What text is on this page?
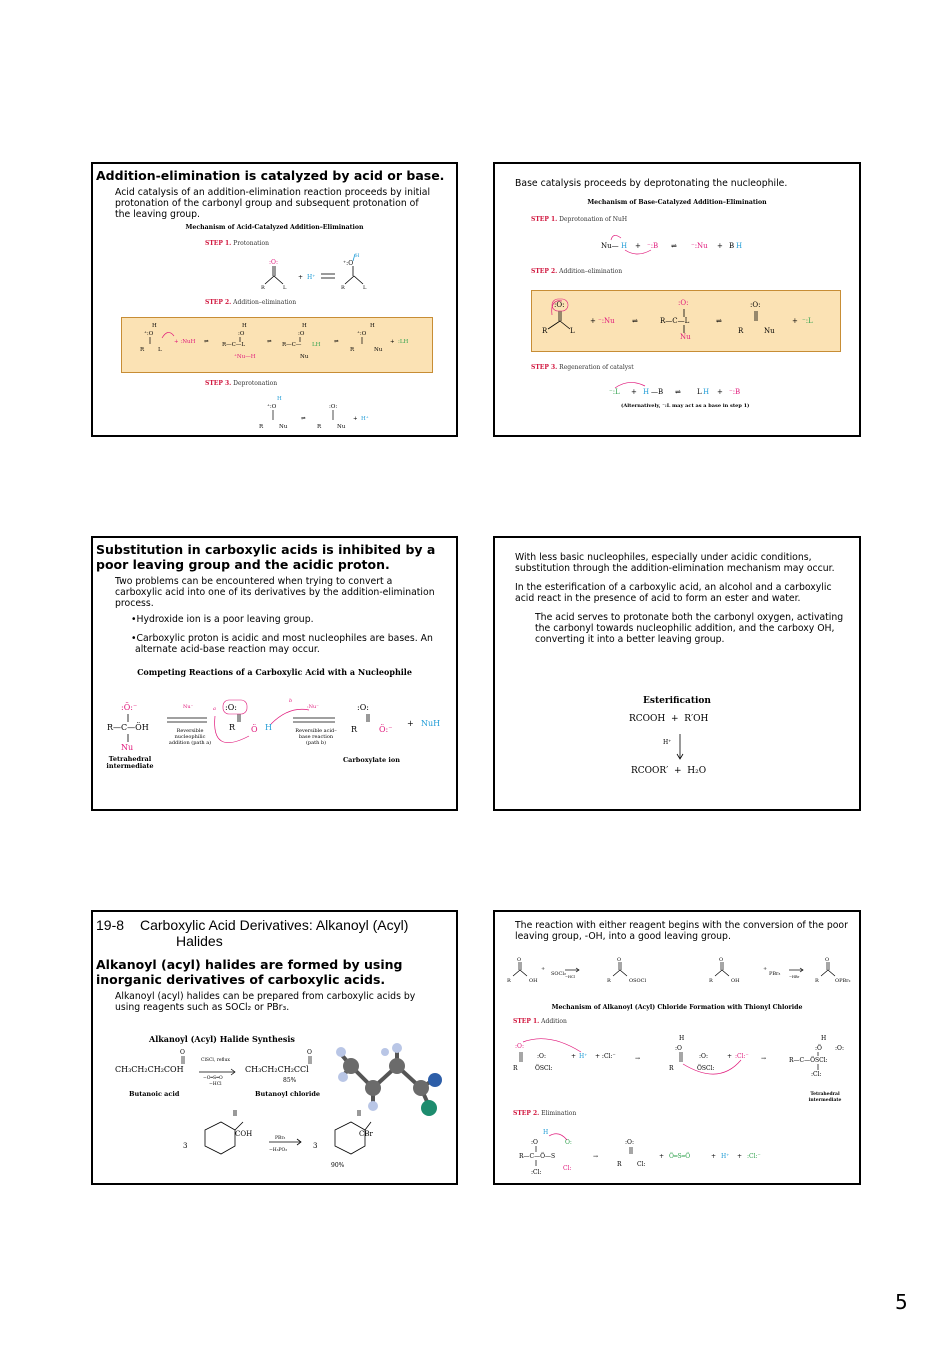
Addition-elimination is catalyzed by acid or base.
Acid catalysis of an addition-elimination reaction proceeds by initial protonation of the carbonyl group and subsequent protonation of the leaving group.
Mechanism of Acid-Catalyzed Addition–Elimination
STEP 1. Protonation
:O:
R	L
+ H⁺
⁺:O
H
R	L
STEP 2. Addition–elimination
H
⁺:O
R	L
+ :NuH ⇌
H
:O
R—C—L
⁺Nu—H
⇌
H
:O
R—C— LH
Nu
⇌
⁺:O
H
R	Nu
+ :LH
STEP 3. Deprotonation
H
⁺:O
R	Nu
⇌
:O:
R	Nu
+ H⁺
Base catalysis proceeds by deprotonating the nucleophile.
Mechanism of Base-Catalyzed Addition–Elimination
STEP 1. Deprotonation of NuH
Nu— H + ⁻:B ⇌ ⁻:Nu + B H
STEP 2. Addition–elimination
:O:
R	L
+ ⁻:Nu ⇌
:O:
R—C—L
Nu
⇌
:O:
R	Nu
+ ⁻:L
STEP 3. Regeneration of catalyst
⁻:L + H —B ⇌ L H + ⁻:B
(Alternatively, ⁻:L may act as a base in step 1)
Substitution in carboxylic acids is inhibited by a poor leaving group and the acidic proton.
Two problems can be encountered when trying to convert a carboxylic acid into one of its derivatives by the addition-elimination process.
•Hydroxide ion is a poor leaving group.
•Carboxylic proton is acidic and most nucleophiles are bases. An alternate acid-base reaction may occur.
Competing Reactions of a Carboxylic Acid with a Nucleophile
:Ö:⁻
R—C—ÖH
Nu
:O:
R Ö H
:O:
R	Ö:⁻
+ NuH
Nu⁻	:Nu⁻
a
b
Reversible nucleophilic addition (path a)
Reversible acid–base reaction (path b)
Tetrahedral intermediate
Carboxylate ion
With less basic nucleophiles, especially under acidic conditions, substitution through the addition-elimination mechanism may occur.
In the esterification of a carboxylic acid, an alcohol and a carboxylic acid react in the presence of acid to form an ester and water.
The acid serves to protonate both the carbonyl oxygen, activating the carbonyl towards nucleophilic addition, and the carboxy OH, converting it into a better leaving group.
Esterification
RCOOH + R′OH
H⁺
RCOOR′ + H₂O
19-8 Carboxylic Acid Derivatives: Alkanoyl (Acyl)
Halides
Alkanoyl (acyl) halides are formed by using inorganic derivatives of carboxylic acids.
Alkanoyl (acyl) halides can be prepared from carboxylic acids by using reagents such as SOCl₂ or PBr₃.
Alkanoyl (Acyl) Halide Synthesis
O	O
CH₃CH₂CH₂COH
ClSCl, reflux
−O═S═O
−HCl
CH₃CH₂CH₂CCl
85%
Butanoic acid	Butanoyl chloride
COH	CBr
3	3
PBr₃
−H₃PO₃
90%
The reaction with either reagent begins with the conversion of the poor leaving group, -OH, into a good leaving group.
O
R
O
R
O
R
O
R
+	+
OH
SOCl₂ −HCl
OSOCl	OH
PBr₃ −HBr
OPBr₂
Mechanism of Alkanoyl (Acyl) Chloride Formation with Thionyl Chloride
STEP 1. Addition
:O:
R
:O:
ÖSCl:
+ H⁺ + :Cl:⁻	→
H
:O
R
:O:
ÖSCl:
+ :Cl:⁻ →
H
:Ö :O:
R—C—ÖSCl:
:Cl:
Tetrahedral intermediate
STEP 2. Elimination
H
:O	O:
R—C—Ö—S
Cl:
:Cl:
→
:O:
R	Cl:
+ Ö═S═Ö	+ H⁺ + :Cl:⁻
5
